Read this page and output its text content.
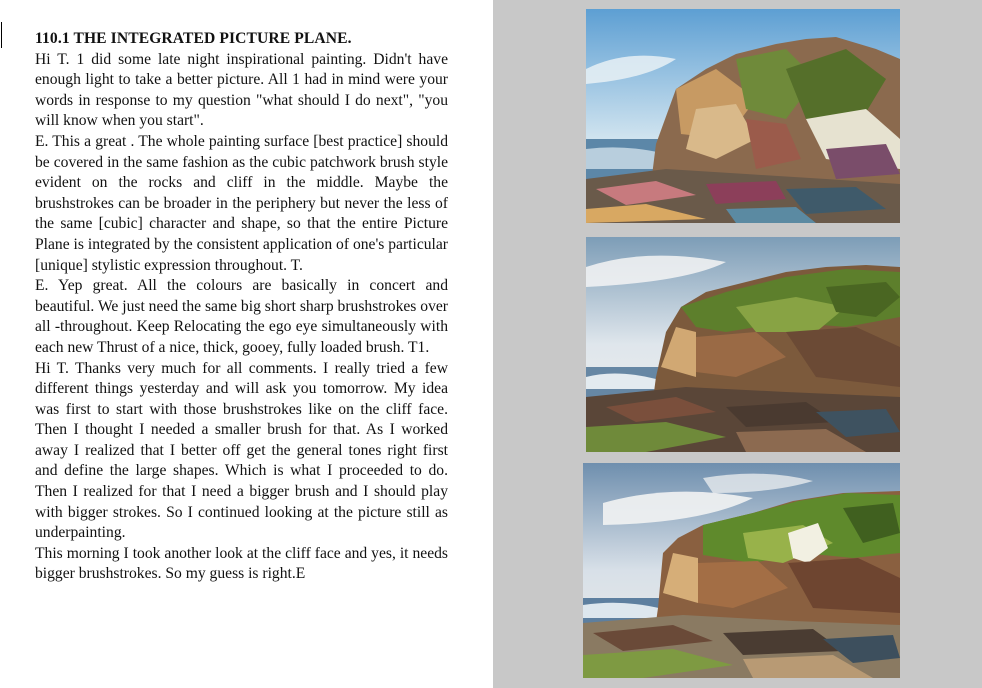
110.1 THE INTEGRATED PICTURE PLANE.

Hi T. 1 did some late night inspirational painting. Didn't have enough light to take a better picture. All 1 had in mind were your words in response to my question "what should I do next", "you will know when you start".

E. This a great . The whole painting surface [best practice] should be covered in the same fashion as the cubic patchwork brush style evident on the rocks and cliff in the middle. Maybe the brushstrokes can be broader in the periphery but never the less of the same [cubic] character and shape, so that the entire Picture Plane is integrated by the consistent application of one's particular [unique] stylistic expression throughout. T.

E. Yep great. All the colours are basically in concert and beautiful. We just need the same big short sharp brushstrokes over all -throughout. Keep Relocating the ego eye simultaneously with each new Thrust of a nice, thick, gooey, fully loaded brush. T1.

Hi T. Thanks very much for all comments. I really tried a few different things yesterday and will ask you tomorrow. My idea was first to start with those brushstrokes like on the cliff face. Then I thought I needed a smaller brush for that. As I worked away I realized that I better off get the general tones right first and define the large shapes. Which is what I proceeded to do. Then I realized for that I need a bigger brush and I should play with bigger strokes. So I continued looking at the picture still as underpainting.

This morning I took another look at the cliff face and yes, it needs bigger brushstrokes. So my guess is right.E
